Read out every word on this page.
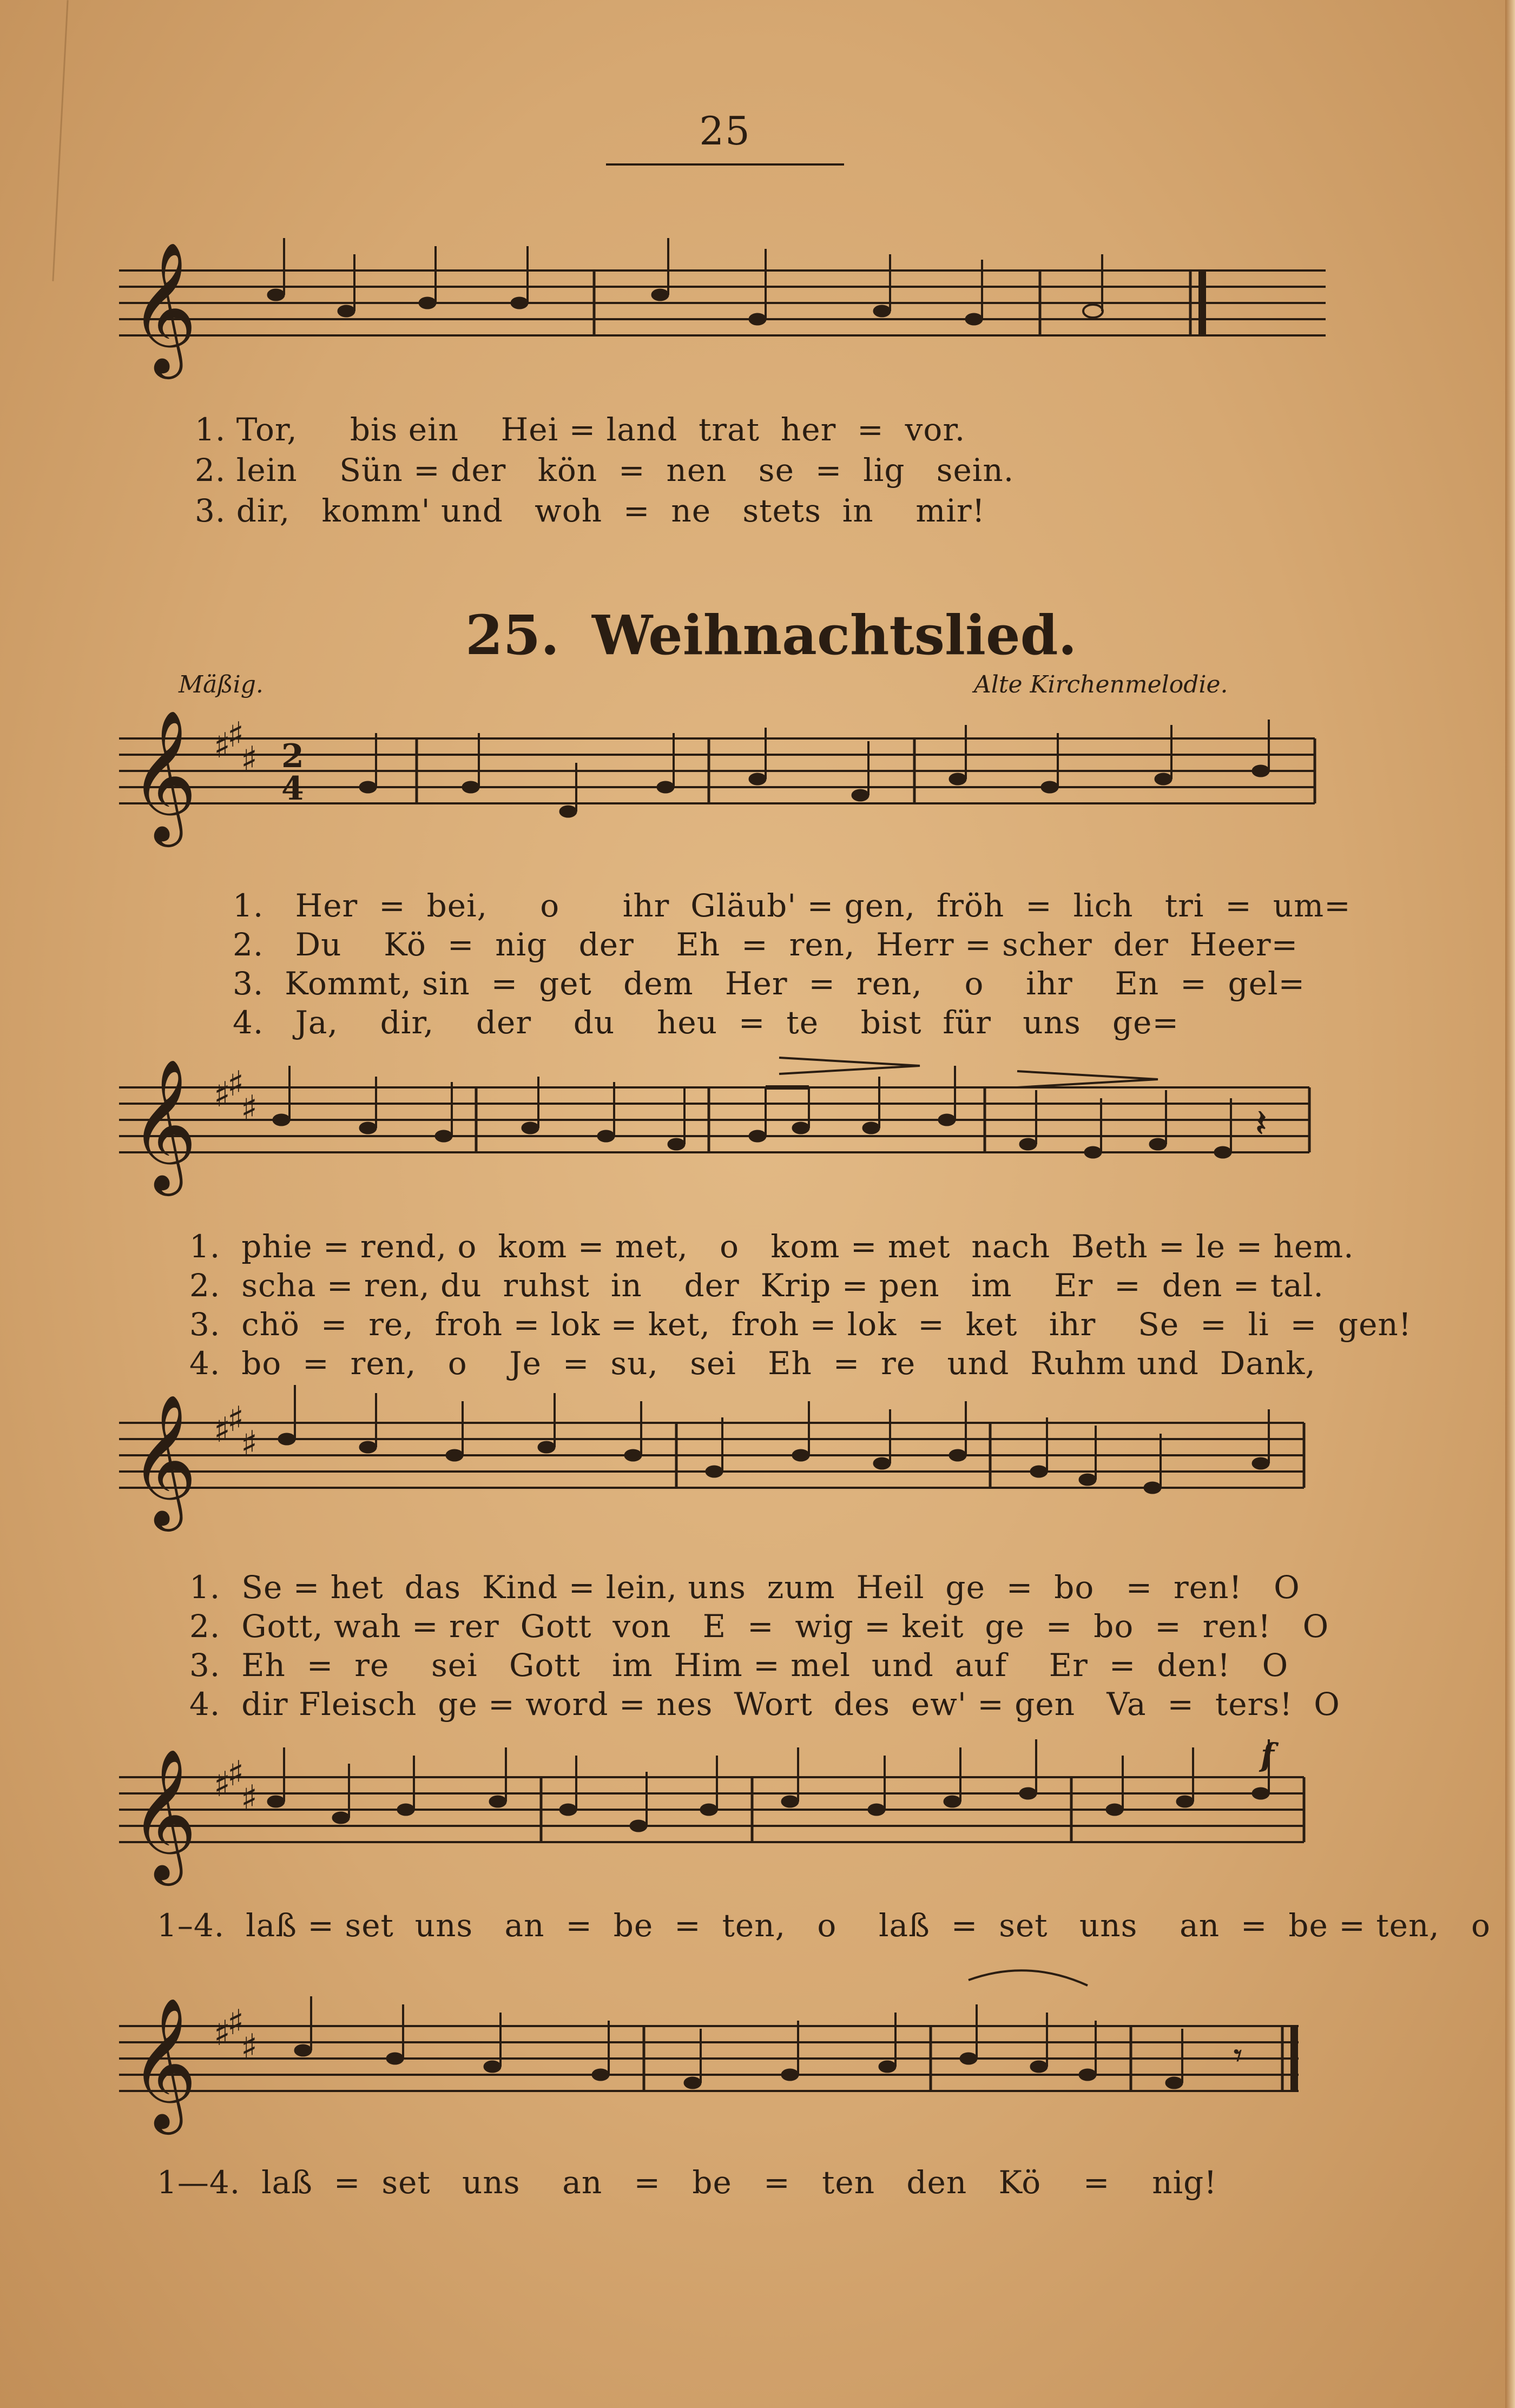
25
𝄞
1. Tor,     bis ein    Hei = land  trat  her  =  vor.
2. lein    Sün = der   kön  =  nen   se  =  lig   sein.
3. dir,   komm' und   woh  =  ne   stets  in    mir!
25. Weihnachtslied.
Mäßig.	Alte Kirchenmelodie.
𝄞 ♯
♯
♯ 2
4
1.   Her  =  bei,     o      ihr  Gläub' = gen,  fröh  =  lich   tri  =  um=
2.   Du    Kö  =  nig   der    Eh  =  ren,  Herr = scher  der  Heer=
3.  Kommt, sin  =  get   dem   Her  =  ren,    o    ihr    En  =  gel=
4.   Ja,    dir,    der    du    heu  =  te    bist  für   uns   ge=
𝄞 ♯
♯
♯	𝄽
1.  phie = rend, o  kom = met,   o   kom = met  nach  Beth = le = hem.
2.  scha = ren, du  ruhst  in    der  Krip = pen   im    Er  =  den = tal.
3.  chö  =  re,  froh = lok = ket,  froh = lok  =  ket   ihr    Se  =  li  =  gen!
4.  bo  =  ren,   o    Je  =  su,   sei   Eh  =  re   und  Ruhm und  Dank,
𝄞 ♯
♯
♯
1.  Se = het  das  Kind = lein, uns  zum  Heil  ge  =  bo   =  ren!   O
2.  Gott, wah = rer  Gott  von   E  =  wig = keit  ge  =  bo  =  ren!   O
3.  Eh  =  re    sei   Gott   im  Him = mel  und  auf    Er  =  den!   O
4.  dir Fleisch  ge = word = nes  Wort  des  ew' = gen   Va  =  ters!  O
f
𝄞 ♯
♯
♯
1–4.  laß = set  uns   an  =  be  =  ten,   o    laß  =  set   uns    an  =  be = ten,   o
𝄞 ♯
♯
♯	𝄾
1—4.  laß  =  set   uns    an   =   be   =   ten   den   Kö    =    nig!
